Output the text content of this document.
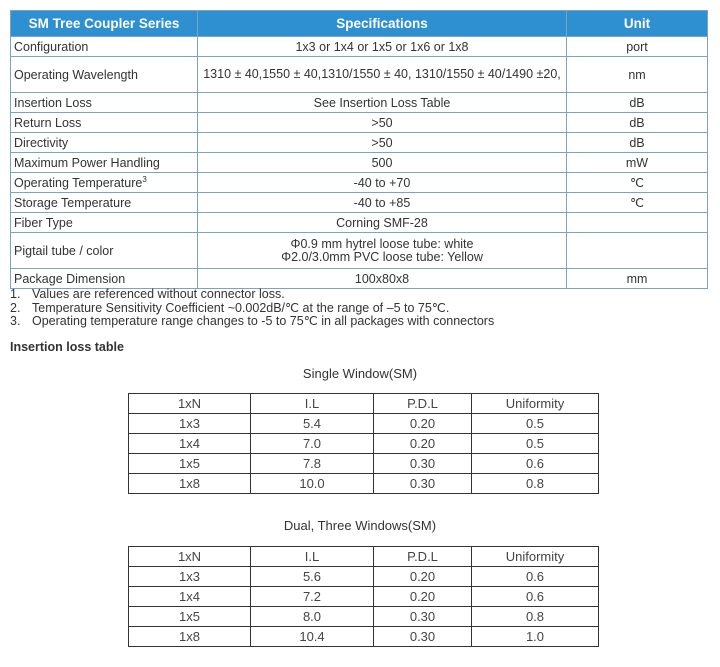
SM Tree Coupler Series	Specifications	Unit
Configuration	1x3 or 1x4 or 1x5 or 1x6 or 1x8	port
Operating Wavelength	1310 ± 40,1550 ± 40,1310/1550 ± 40, 1310/1550 ± 40/1490 ±20,	nm
Insertion Loss	See Insertion Loss Table	dB
Return Loss	>50	dB
Directivity	>50	dB
Maximum Power Handling	500	mW
Operating Temperature$^3$	-40 to +70	℃
Storage Temperature	-40 to +85	℃
Fiber Type	Corning SMF-28	
Pigtail tube / color	Φ0.9 mm hytrel loose tube: white
Φ2.0/3.0mm PVC loose tube: Yellow	

Package Dimension	100x80x8	mm
1. Values are referenced without connector loss.
2. Temperature Sensitivity Coefficient ~0.002dB/℃ at the range of –5 to 75℃.
3. Operating temperature range changes to -5 to 75℃ in all packages with connectors
Insertion loss table
Single Window(SM)
1xN	I.L	P.D.L	Uniformity
1x3	5.4	0.20	0.5
1x4	7.0	0.20	0.5
1x5	7.8	0.30	0.6
1x8	10.0	0.30	0.8
Dual, Three Windows(SM)
1xN	I.L	P.D.L	Uniformity
1x3	5.6	0.20	0.6
1x4	7.2	0.20	0.6
1x5	8.0	0.30	0.8
1x8	10.4	0.30	1.0
